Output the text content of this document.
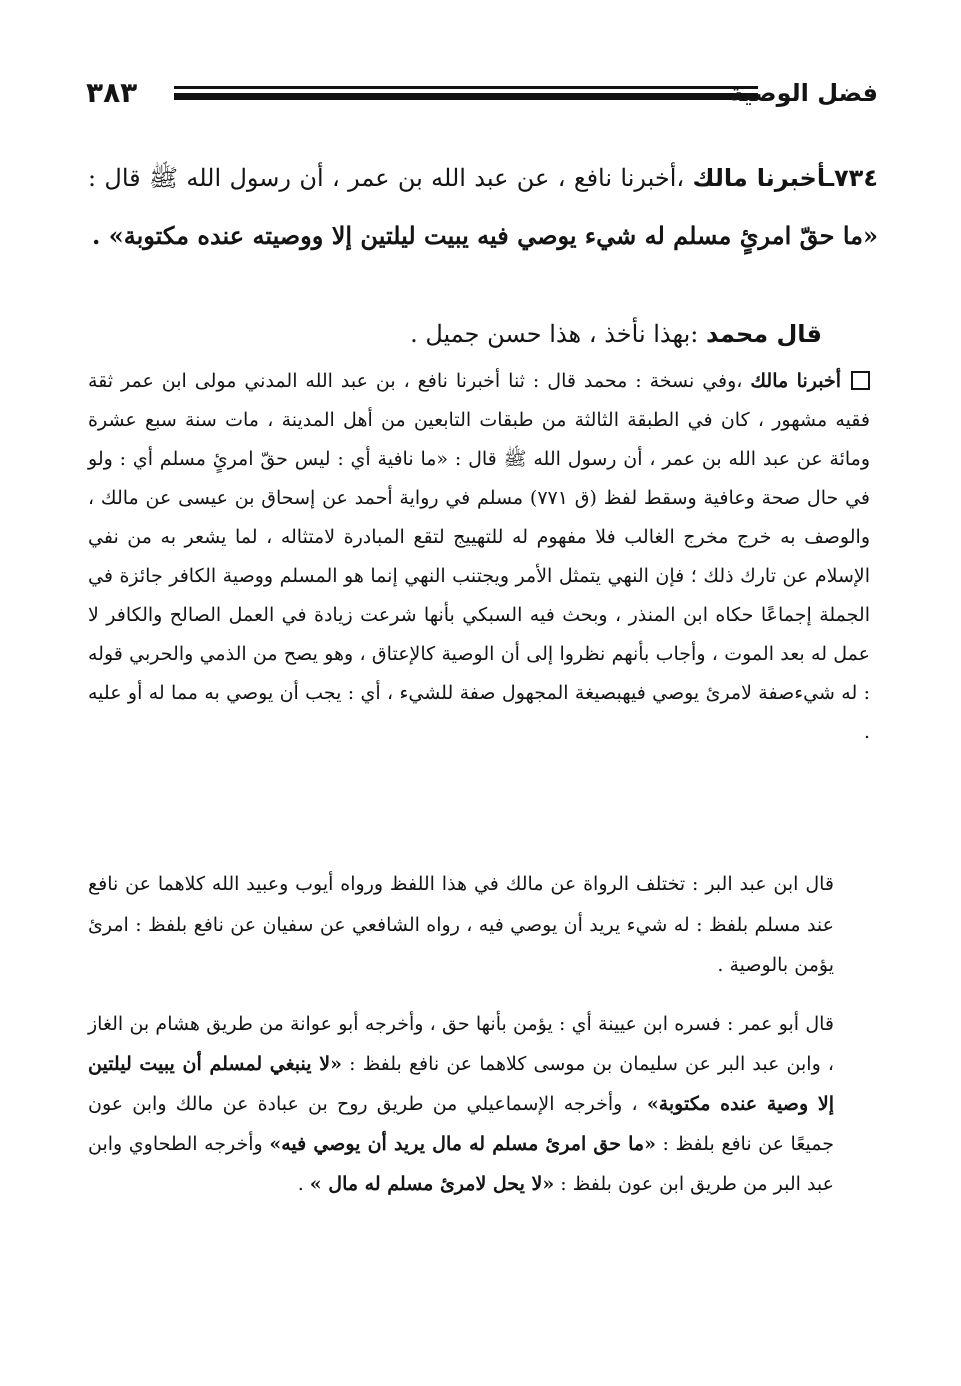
٣٨٣	فضل الوصية
٧٣٤ـأخبرنا مالك ،أخبرنا نافع ، عن عبد الله بن عمر ، أن رسول الله ﷺ قال : «ما حقّ امرئٍ مسلم له شيء يوصي فيه يبيت ليلتين إلا ووصيته عنده مكتوبة» .
قال محمد :بهذا نأخذ ، هذا حسن جميل .
أخبرنا مالك ،وفي نسخة : محمد قال : ثنا أخبرنا نافع ، بن عبد الله المدني مولى ابن عمر ثقة فقيه مشهور ، كان في الطبقة الثالثة من طبقات التابعين من أهل المدينة ، مات سنة سبع عشرة ومائة عن عبد الله بن عمر ، أن رسول الله ﷺ قال : «ما نافية أي : ليس حقّ امرئٍ مسلم أي : ولو في حال صحة وعافية وسقط لفظ (ق ٧٧١) مسلم في رواية أحمد عن إسحاق بن عيسى عن مالك ، والوصف به خرج مخرج الغالب فلا مفهوم له للتهييج لتقع المبادرة لامتثاله ، لما يشعر به من نفي الإسلام عن تارك ذلك ؛ فإن النهي يتمثل الأمر ويجتنب النهي إنما هو المسلم ووصية الكافر جائزة في الجملة إجماعًا حكاه ابن المنذر ، وبحث فيه السبكي بأنها شرعت زيادة في العمل الصالح والكافر لا عمل له بعد الموت ، وأجاب بأنهم نظروا إلى أن الوصية كالإعتاق ، وهو يصح من الذمي والحربي قوله : له شيءصفة لامرئ يوصي فيهبصيغة المجهول صفة للشيء ، أي : يجب أن يوصي به مما له أو عليه .
قال ابن عبد البر : تختلف الرواة عن مالك في هذا اللفظ ورواه أيوب وعبيد الله كلاهما عن نافع عند مسلم بلفظ : له شيء يريد أن يوصي فيه ، رواه الشافعي عن سفيان عن نافع بلفظ : امرئ يؤمن بالوصية .
قال أبو عمر : فسره ابن عيينة أي : يؤمن بأنها حق ، وأخرجه أبو عوانة من طريق هشام بن الغاز ، وابن عبد البر عن سليمان بن موسى كلاهما عن نافع بلفظ : «لا ينبغي لمسلم أن يبيت ليلتين إلا وصية عنده مكتوبة» ، وأخرجه الإسماعيلي من طريق روح بن عبادة عن مالك وابن عون جميعًا عن نافع بلفظ : «ما حق امرئ مسلم له مال يريد أن يوصي فيه» وأخرجه الطحاوي وابن عبد البر من طريق ابن عون بلفظ : «لا يحل لامرئ مسلم له مال » .
